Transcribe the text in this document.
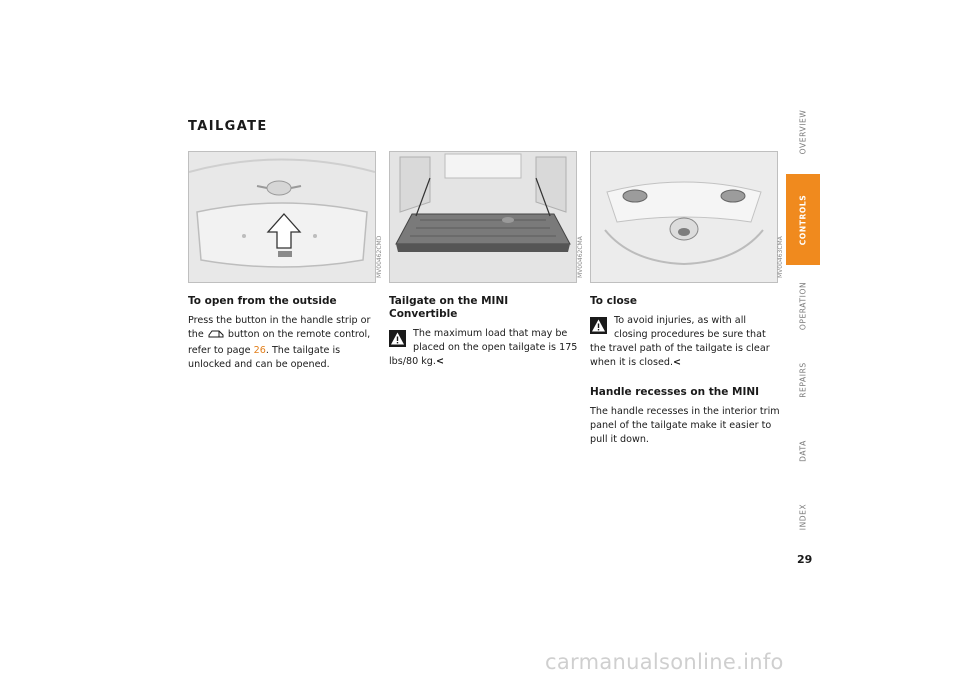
TAILGATE
MV00462CMD	MV00462CMA	MV00463CMA
To open from the outside

Press the button in the handle strip or the	button on the remote control, refer to page 26. The tailgate is unlocked and can be opened.

Tailgate on the MINI Convertible

The maximum load that may be placed on the open tailgate is 175 lbs/80 kg.<

To close

To avoid injuries, as with all closing procedures be sure that the travel path of the tailgate is clear when it is closed.<

Handle recesses on the MINI

The handle recesses in the interior trim panel of the tailgate make it easier to pull it down.

OVERVIEW
CONTROLS
OPERATION
REPAIRS
DATA
INDEX
29
carmanualsonline.info
